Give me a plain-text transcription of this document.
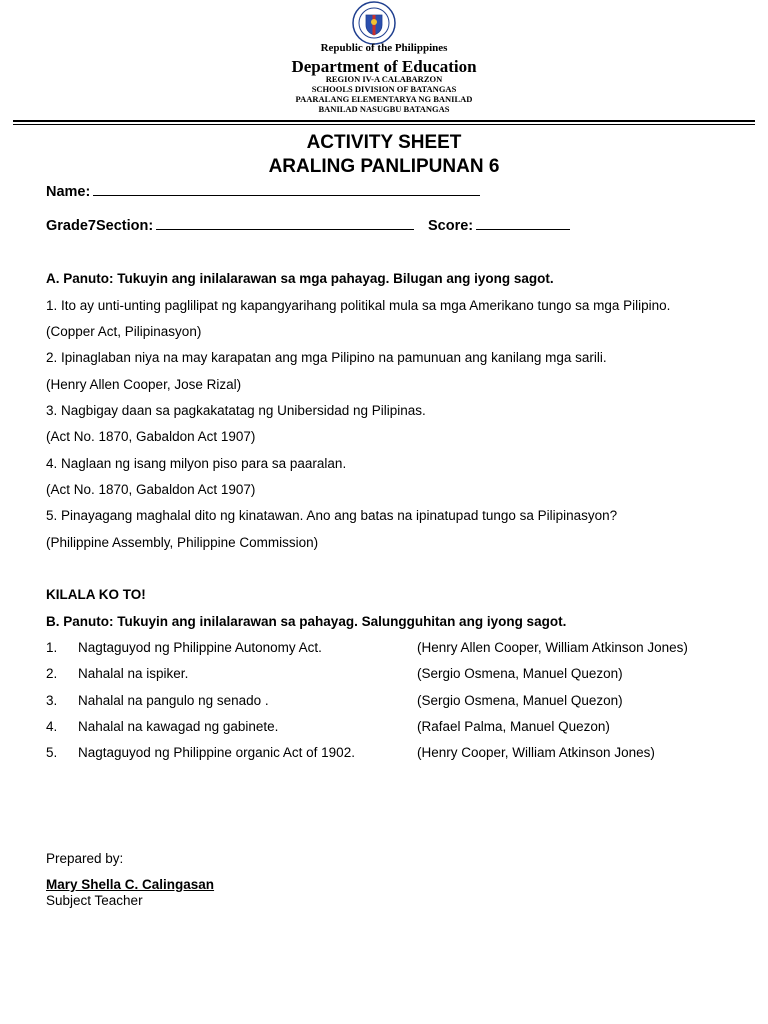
Republic of the Philippines
Department of Education
REGION IV-A CALABARZON
SCHOOLS DIVISION OF BATANGAS
PAARALANG ELEMENTARYA NG BANILAD
BANILAD NASUGBU BATANGAS
ACTIVITY SHEET
ARALING PANLIPUNAN 6
Name:
Grade7Section:	Score:
A. Panuto: Tukuyin ang inilalarawan sa mga pahayag. Bilugan ang iyong sagot.
1. Ito ay unti-unting paglilipat ng kapangyarihang politikal mula sa mga Amerikano tungo sa mga Pilipino.
(Copper Act, Pilipinasyon)
2. Ipinaglaban niya na may karapatan ang mga Pilipino na pamunuan ang kanilang mga sarili.
(Henry Allen Cooper, Jose Rizal)
3. Nagbigay daan sa pagkakatatag ng Unibersidad ng Pilipinas.
(Act No. 1870, Gabaldon Act 1907)
4. Naglaan ng isang milyon piso para sa paaralan.
(Act No. 1870, Gabaldon Act 1907)
5. Pinayagang maghalal dito ng kinatawan. Ano ang batas na ipinatupad tungo sa Pilipinasyon?
(Philippine Assembly, Philippine Commission)
KILALA KO TO!
B. Panuto: Tukuyin ang inilalarawan sa pahayag. Salungguhitan ang iyong sagot.
1. Nagtaguyod ng Philippine Autonomy Act.	(Henry Allen Cooper, William Atkinson Jones)
2. Nahalal na ispiker.	(Sergio Osmena, Manuel Quezon)
3. Nahalal na pangulo ng senado .	(Sergio Osmena, Manuel Quezon)
4. Nahalal na kawagad ng gabinete.	(Rafael Palma, Manuel Quezon)
5. Nagtaguyod ng Philippine organic Act of 1902.	(Henry Cooper, William Atkinson Jones)
Prepared by:
Mary Shella C. Calingasan
Subject Teacher
